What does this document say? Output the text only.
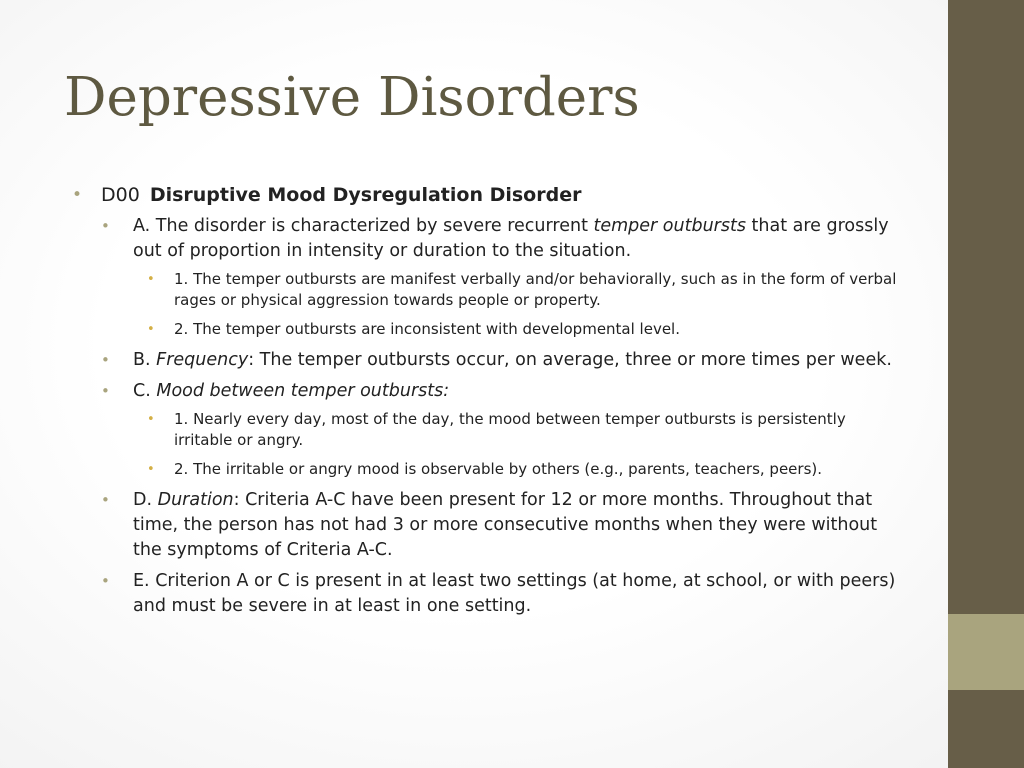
Depressive Disorders
• D00 Disruptive Mood Dysregulation Disorder
• A. The disorder is characterized by severe recurrent temper outbursts that are grossly out of proportion in intensity or duration to the situation.
• 1. The temper outbursts are manifest verbally and/or behaviorally, such as in the form of verbal rages or physical aggression towards people or property.
• 2. The temper outbursts are inconsistent with developmental level.
• B. Frequency: The temper outbursts occur, on average, three or more times per week.
• C. Mood between temper outbursts:
• 1. Nearly every day, most of the day, the mood between temper outbursts is persistently irritable or angry.
• 2. The irritable or angry mood is observable by others (e.g., parents, teachers, peers).
• D. Duration: Criteria A-C have been present for 12 or more months. Throughout that time, the person has not had 3 or more consecutive months when they were without the symptoms of Criteria A-C.
• E. Criterion A or C is present in at least two settings (at home, at school, or with peers) and must be severe in at least in one setting.
